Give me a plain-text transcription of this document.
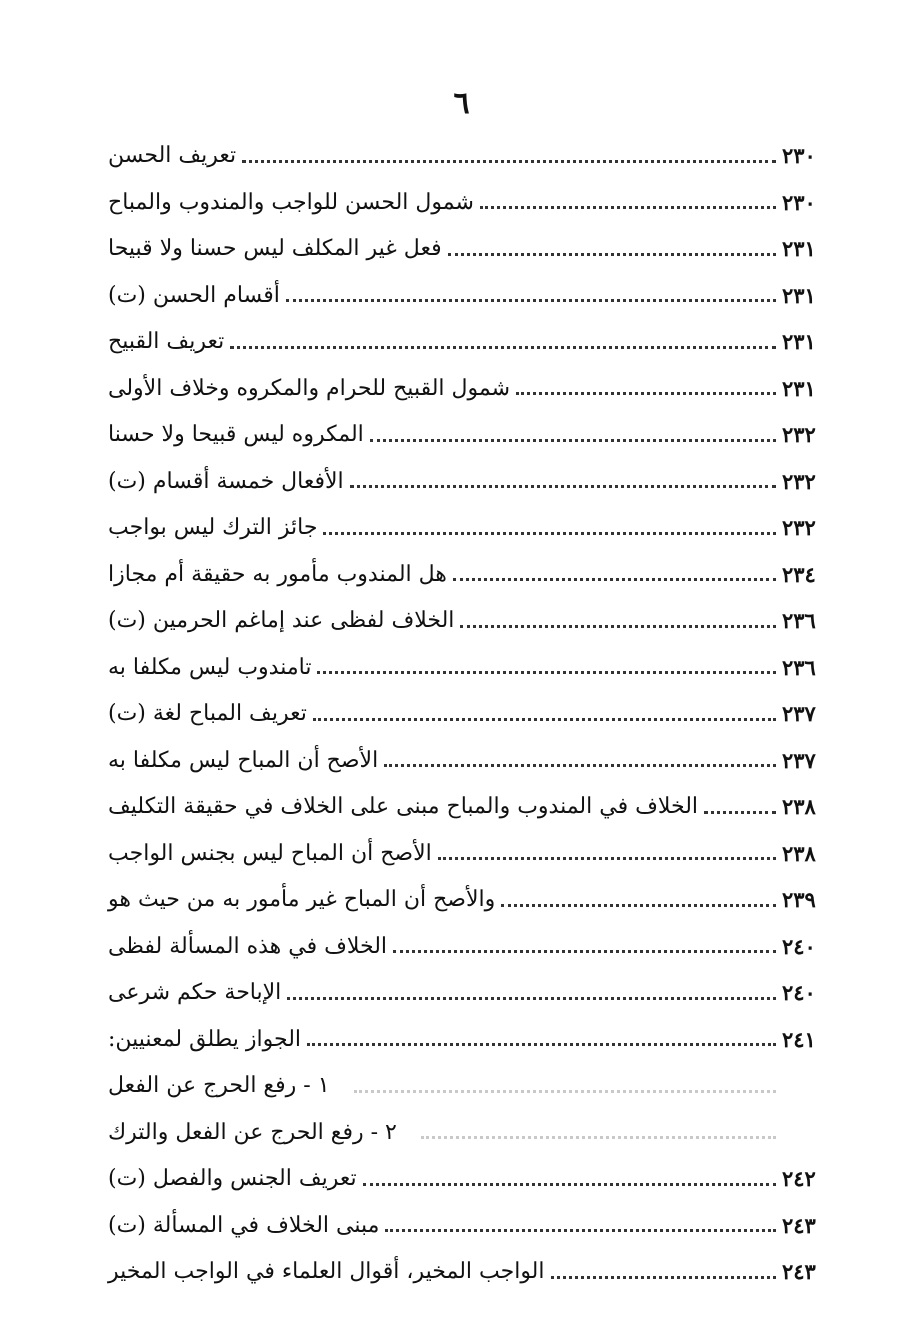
٦
تعريف الحسن	٢٣٠
شمول الحسن للواجب والمندوب والمباح	٢٣٠
فعل غير المكلف ليس حسنا ولا قبيحا	٢٣١
أقسام الحسن (ت)	٢٣١
تعريف القبيح	٢٣١
شمول القبيح للحرام والمكروه وخلاف الأولى	٢٣١
المكروه ليس قبيحا ولا حسنا	٢٣٢
الأفعال خمسة أقسام (ت)	٢٣٢
جائز الترك ليس بواجب	٢٣٢
هل المندوب مأمور به حقيقة أم مجازا	٢٣٤
الخلاف لفظى عند إماغم الحرمين (ت)	٢٣٦
تامندوب ليس مكلفا به	٢٣٦
تعريف المباح لغة (ت)	٢٣٧
الأصح أن المباح ليس مكلفا به	٢٣٧
الخلاف في المندوب والمباح مبنى على الخلاف في حقيقة التكليف	٢٣٨
الأصح أن المباح ليس بجنس الواجب	٢٣٨
والأصح أن المباح غير مأمور به من حيث هو	٢٣٩
الخلاف في هذه المسألة لفظى	٢٤٠
الإباحة حكم شرعى	٢٤٠
الجواز يطلق لمعنيين:	٢٤١
١ - رفع الحرج عن الفعل
٢ - رفع الحرج عن الفعل والترك
تعريف الجنس والفصل (ت)	٢٤٢
مبنى الخلاف في المسألة (ت)	٢٤٣
الواجب المخير، أقوال العلماء في الواجب المخير	٢٤٣
